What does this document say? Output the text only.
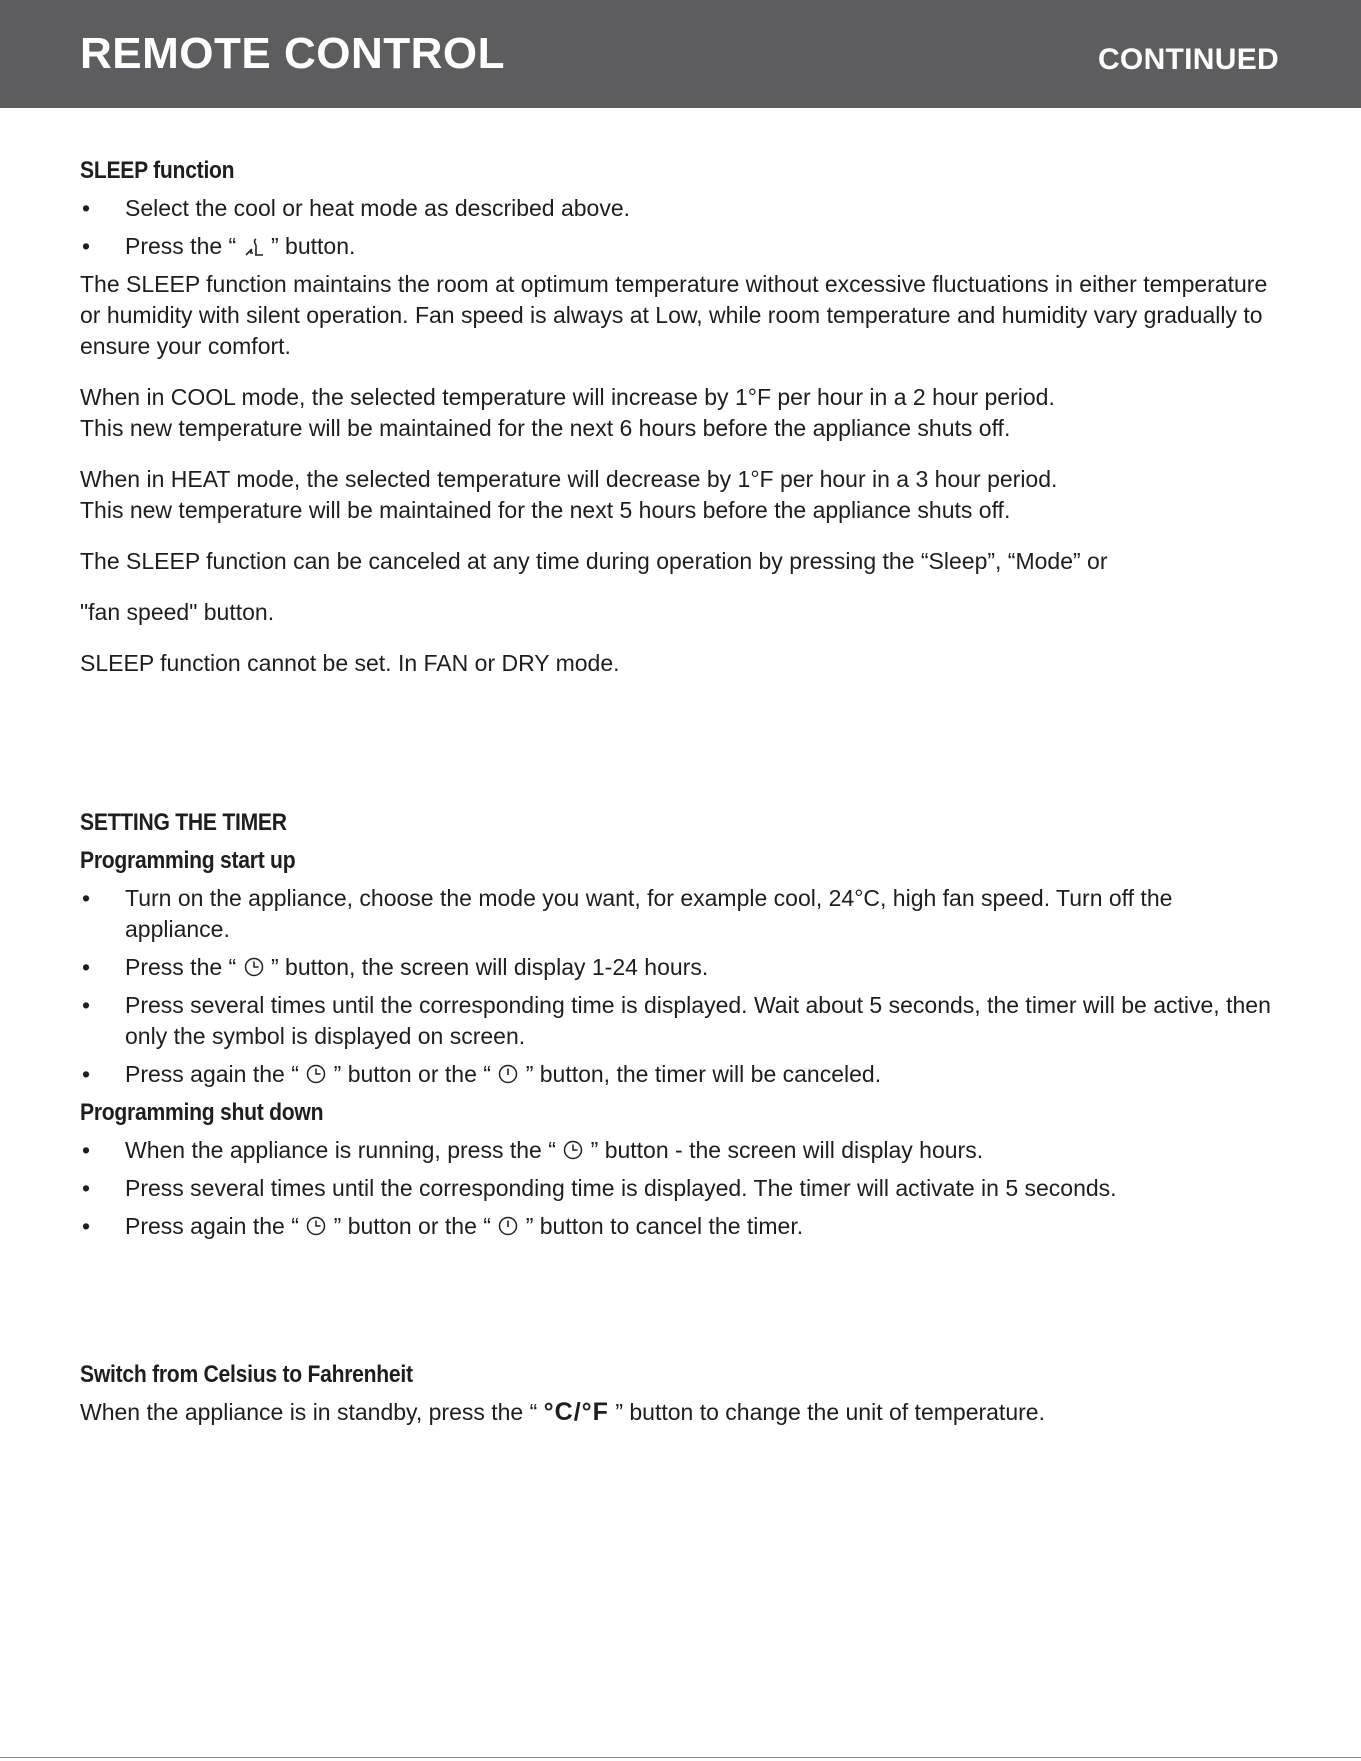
REMOTE CONTROL	CONTINUED
SLEEP function
• Select the cool or heat mode as described above.
• Press the “ ” button.

The SLEEP function maintains the room at optimum temperature without excessive fluctuations in either temperature or humidity with silent operation. Fan speed is always at Low, while room temperature and humidity vary gradually to ensure your comfort.

When in COOL mode, the selected temperature will increase by 1°F per hour in a 2 hour period.
This new temperature will be maintained for the next 6 hours before the appliance shuts off.

When in HEAT mode, the selected temperature will decrease by 1°F per hour in a 3 hour period.
This new temperature will be maintained for the next 5 hours before the appliance shuts off.

The SLEEP function can be canceled at any time during operation by pressing the “Sleep”, “Mode” or

"fan speed" button.

SLEEP function cannot be set. In FAN or DRY mode.

SETTING THE TIMER
Programming start up
• Turn on the appliance, choose the mode you want, for example cool, 24°C, high fan speed. Turn off the appliance.
• Press the “ ” button, the screen will display 1-24 hours.
• Press several times until the corresponding time is displayed. Wait about 5 seconds, the timer will be active, then only the symbol is displayed on screen.
• Press again the “ ” button or the “ ” button, the timer will be canceled.
Programming shut down
• When the appliance is running, press the “ ” button - the screen will display hours.
• Press several times until the corresponding time is displayed. The timer will activate in 5 seconds.
• Press again the “ ” button or the “ ” button to cancel the timer.
Switch from Celsius to Fahrenheit

When the appliance is in standby, press the “ °C/°F ” button to change the unit of temperature.
